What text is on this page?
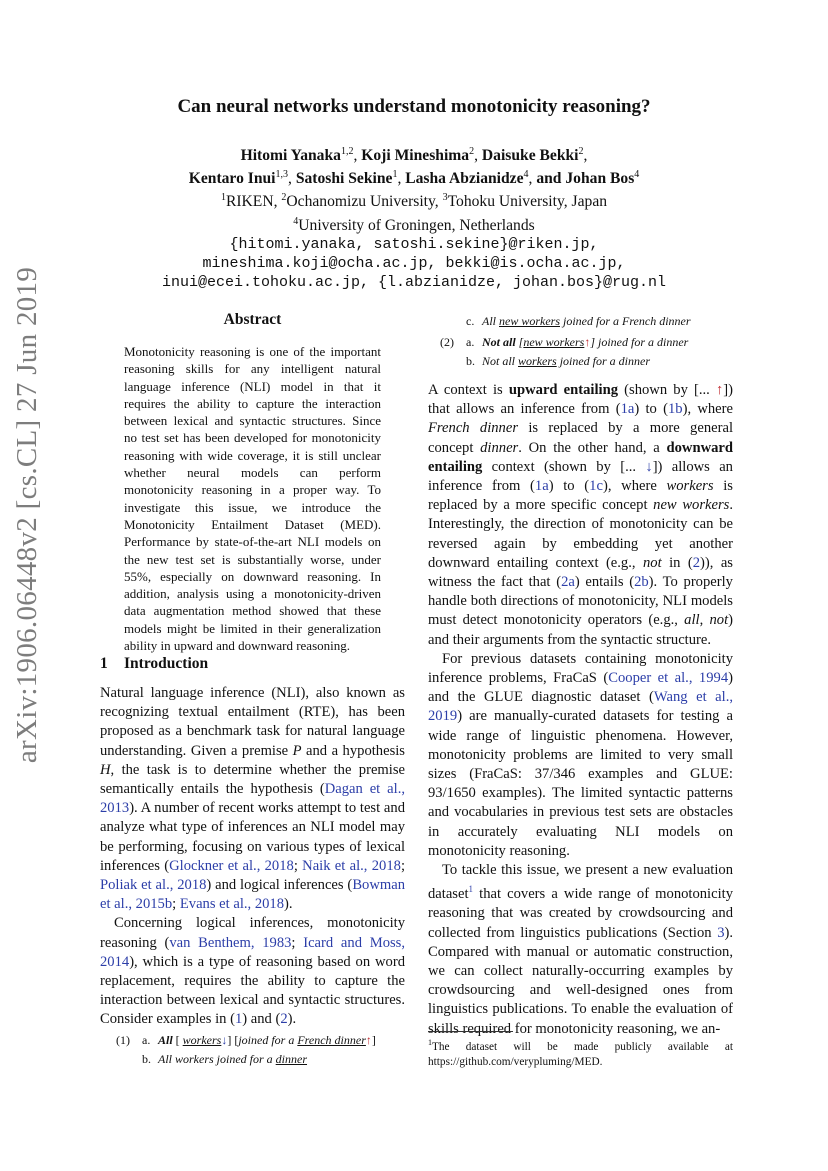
arXiv:1906.06448v2 [cs.CL] 27 Jun 2019
Can neural networks understand monotonicity reasoning?
Hitomi Yanaka$^{1,2}$, Koji Mineshima$^2$, Daisuke Bekki$^2$,
Kentaro Inui$^{1,3}$, Satoshi Sekine$^1$, Lasha Abzianidze$^4$, and Johan Bos$^4$
$^1$RIKEN, $^2$Ochanomizu University, $^3$Tohoku University, Japan
$^4$University of Groningen, Netherlands
{hitomi.yanaka, satoshi.sekine}@riken.jp,
mineshima.koji@ocha.ac.jp, bekki@is.ocha.ac.jp,
inui@ecei.tohoku.ac.jp, {l.abzianidze, johan.bos}@rug.nl
Abstract
Monotonicity reasoning is one of the important reasoning skills for any intelligent natural language inference (NLI) model in that it requires the ability to capture the interaction between lexical and syntactic structures. Since no test set has been developed for monotonicity reasoning with wide coverage, it is still unclear whether neural models can perform monotonicity reasoning in a proper way. To investigate this issue, we introduce the Monotonicity Entailment Dataset (MED). Performance by state-of-the-art NLI models on the new test set is substantially worse, under 55%, especially on downward reasoning. In addition, analysis using a monotonicity-driven data augmentation method showed that these models might be limited in their generalization ability in upward and downward reasoning.
1 Introduction

Natural language inference (NLI), also known as recognizing textual entailment (RTE), has been proposed as a benchmark task for natural language understanding. Given a premise P and a hypothesis H, the task is to determine whether the premise semantically entails the hypothesis (Dagan et al., 2013). A number of recent works attempt to test and analyze what type of inferences an NLI model may be performing, focusing on various types of lexical inferences (Glockner et al., 2018; Naik et al., 2018; Poliak et al., 2018) and logical inferences (Bowman et al., 2015b; Evans et al., 2018).

Concerning logical inferences, monotonicity reasoning (van Benthem, 1983; Icard and Moss, 2014), which is a type of reasoning based on word replacement, requires the ability to capture the interaction between lexical and syntactic structures. Consider examples in (1) and (2).

(1) a. All [ workers↓] [joined for a French dinner↑]
b. All workers joined for a dinner
c. All new workers joined for a French dinner
(2) a. Not all [new workers↑] joined for a dinner
b. Not all workers joined for a dinner

A context is upward entailing (shown by [... ↑]) that allows an inference from (1a) to (1b), where French dinner is replaced by a more general concept dinner. On the other hand, a downward entailing context (shown by [... ↓]) allows an inference from (1a) to (1c), where workers is replaced by a more specific concept new workers. Interestingly, the direction of monotonicity can be reversed again by embedding yet another downward entailing context (e.g., not in (2)), as witness the fact that (2a) entails (2b). To properly handle both directions of monotonicity, NLI models must detect monotonicity operators (e.g., all, not) and their arguments from the syntactic structure.

For previous datasets containing monotonicity inference problems, FraCaS (Cooper et al., 1994) and the GLUE diagnostic dataset (Wang et al., 2019) are manually-curated datasets for testing a wide range of linguistic phenomena. However, monotonicity problems are limited to very small sizes (FraCaS: 37/346 examples and GLUE: 93/1650 examples). The limited syntactic patterns and vocabularies in previous test sets are obstacles in accurately evaluating NLI models on monotonicity reasoning.

To tackle this issue, we present a new evaluation dataset$^1$ that covers a wide range of monotonicity reasoning that was created by crowdsourcing and collected from linguistics publications (Section 3). Compared with manual or automatic construction, we can collect naturally-occurring examples by crowdsourcing and well-designed ones from linguistics publications. To enable the evaluation of skills required for monotonicity reasoning, we an-

$^1$The dataset will be made publicly available at https://github.com/verypluming/MED.
